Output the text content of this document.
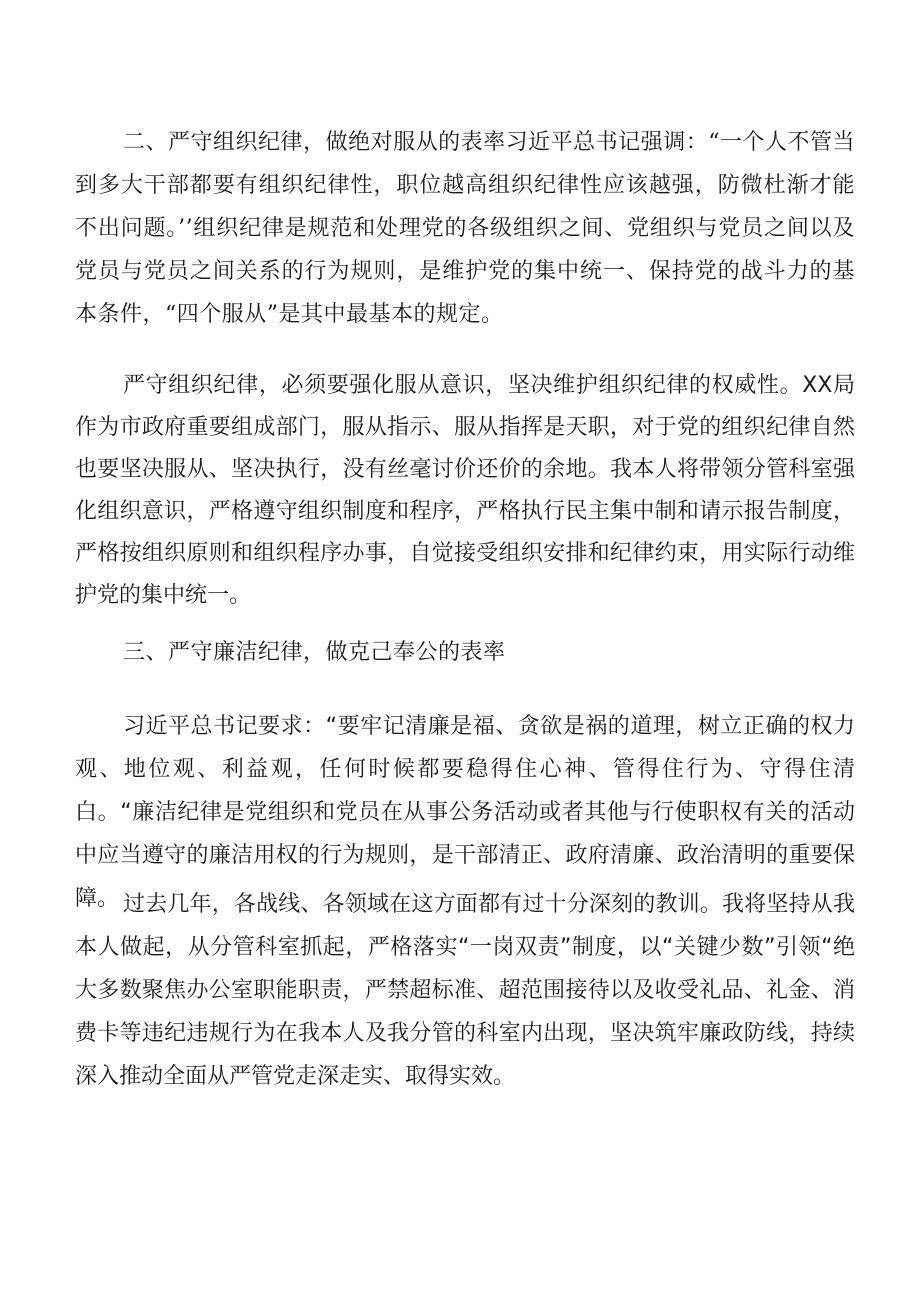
二、严守组织纪律，做绝对服从的表率习近平总书记强调：“一个人不管当到多大干部都要有组织纪律性，职位越高组织纪律性应该越强，防微杜渐才能不出问题。’’组织纪律是规范和处理党的各级组织之间、党组织与党员之间以及党员与党员之间关系的行为规则，是维护党的集中统一、保持党的战斗力的基本条件，“四个服从”是其中最基本的规定。

严守组织纪律，必须要强化服从意识，坚决维护组织纪律的权威性。XX局作为市政府重要组成部门，服从指示、服从指挥是天职，对于党的组织纪律自然也要坚决服从、坚决执行，没有丝毫讨价还价的余地。我本人将带领分管科室强化组织意识，严格遵守组织制度和程序，严格执行民主集中制和请示报告制度，严格按组织原则和组织程序办事，自觉接受组织安排和纪律约束，用实际行动维护党的集中统一。

三、严守廉洁纪律，做克己奉公的表率

习近平总书记要求：“要牢记清廉是福、贪欲是祸的道理，树立正确的权力观、地位观、利益观，任何时候都要稳得住心神、管得住行为、守得住清白。“廉洁纪律是党组织和党员在从事公务活动或者其他与行使职权有关的活动中应当遵守的廉洁用权的行为规则，是干部清正、政府清廉、政治清明的重要保障。 过去几年，各战线、各领域在这方面都有过十分深刻的教训。我将坚持从我本人做起，从分管科室抓起，严格落实“一岗双责”制度，以“关键少数”引领“绝大多数聚焦办公室职能职责，严禁超标准、超范围接待以及收受礼品、礼金、消费卡等违纪违规行为在我本人及我分管的科室内出现，坚决筑牢廉政防线，持续深入推动全面从严管党走深走实、取得实效。
